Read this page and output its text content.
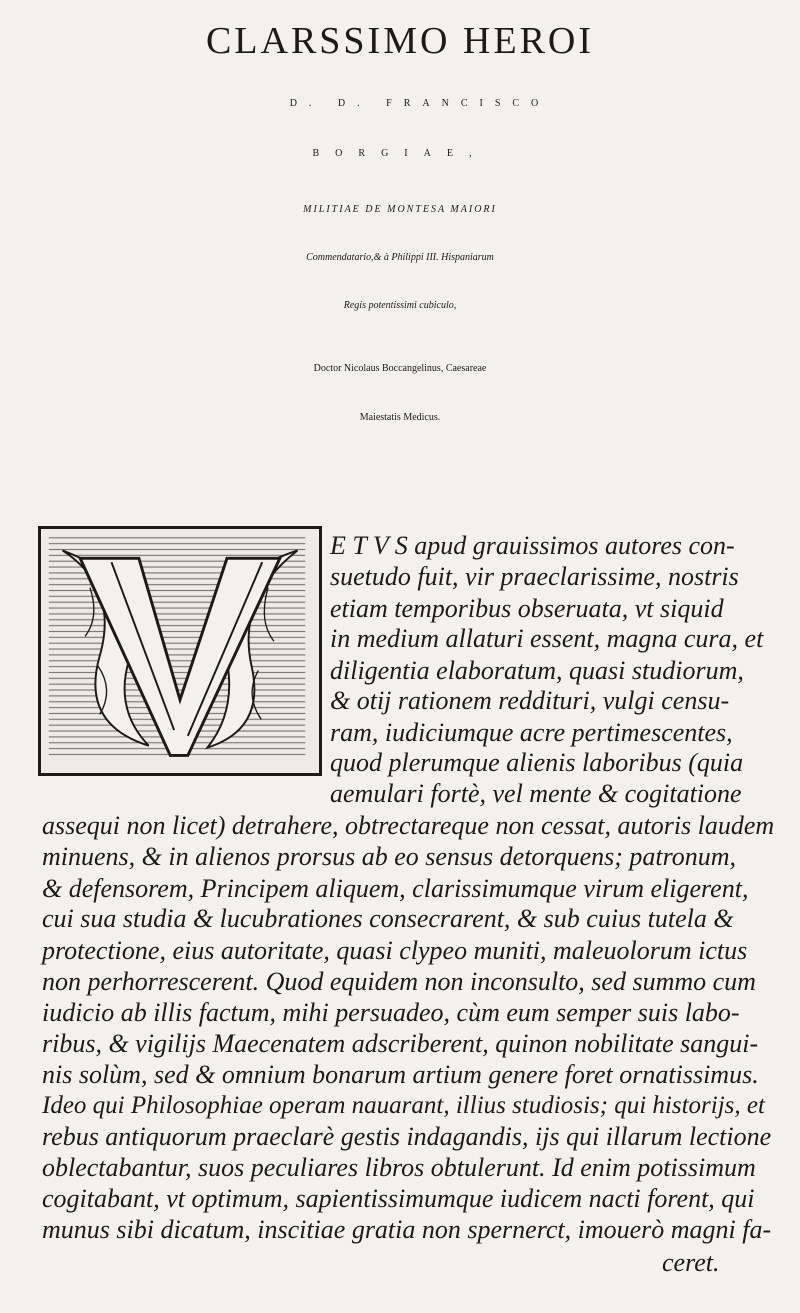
CLARSSIMO HEROI
D. D. FRANCISCO
BORGIAE,
MILITIAE DE MONTESA MAIORI
Commendatario,& à Philippi III. Hispaniarum
Regis potentissimi cubiculo,
Doctor Nicolaus Boccangelinus, Caesareae
Maiestatis Medicus.
E T V S apud grauissimos autores con-
suetudo fuit, vir praeclarissime, nostris
etiam temporibus obseruata, vt siquid
in medium allaturi essent, magna cura, et
diligentia elaboratum, quasi studiorum,
& otij rationem reddituri, vulgi censu-
ram, iudiciumque acre pertimescentes,
quod plerumque alienis laboribus (quia
aemulari fortè, vel mente & cogitatione
assequi non licet) detrahere, obtrectareque non cessat, autoris laudem
minuens, & in alienos prorsus ab eo sensus detorquens; patronum,
& defensorem, Principem aliquem, clarissimumque virum eligerent,
cui sua studia & lucubrationes consecrarent, & sub cuius tutela &
protectione, eius autoritate, quasi clypeo muniti, maleuolorum ictus
non perhorrescerent. Quod equidem non inconsulto, sed summo cum
iudicio ab illis factum, mihi persuadeo, cùm eum semper suis labo-
ribus, & vigilijs Maecenatem adscriberent, quinon nobilitate sangui-
nis solùm, sed & omnium bonarum artium genere foret ornatissimus.
Ideo qui Philosophiae operam nauarant, illius studiosis; qui historijs, et
rebus antiquorum praeclarè gestis indagandis, ijs qui illarum lectione
oblectabantur, suos peculiares libros obtulerunt. Id enim potissimum
cogitabant, vt optimum, sapientissimumque iudicem nacti forent, qui
munus sibi dicatum, inscitiae gratia non spernerct, imouerò magni fa-
ceret.
